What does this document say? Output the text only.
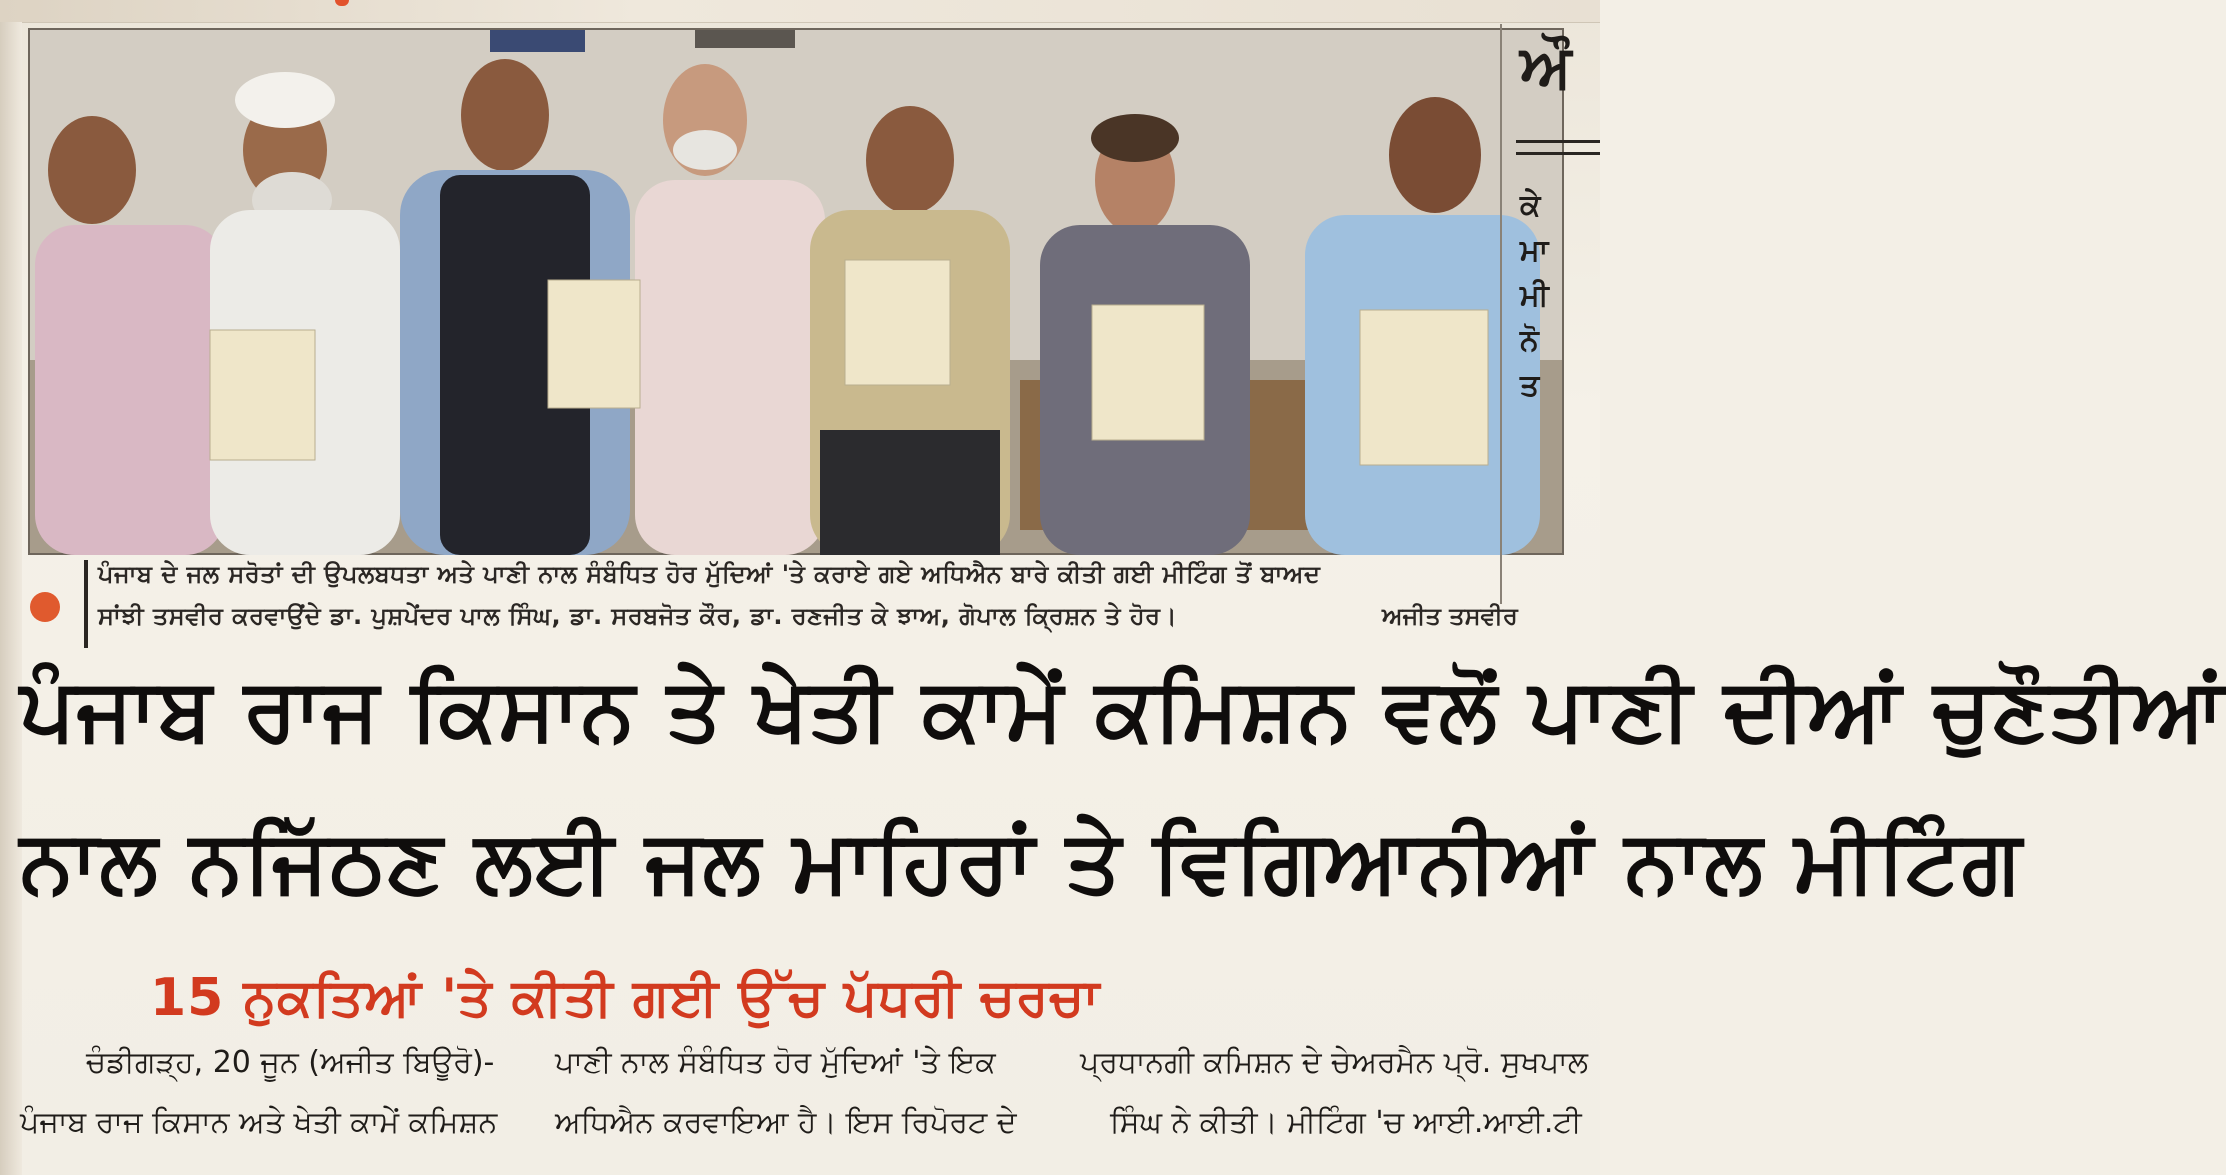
ਪੰਜਾਬ ਦੇ ਜਲ ਸਰੋਤਾਂ ਦੀ ਉਪਲਬਧਤਾ ਅਤੇ ਪਾਣੀ ਨਾਲ ਸੰਬੰਧਿਤ ਹੋਰ ਮੁੱਦਿਆਂ 'ਤੇ ਕਰਾਏ ਗਏ ਅਧਿਐਨ ਬਾਰੇ ਕੀਤੀ ਗਈ ਮੀਟਿੰਗ ਤੋਂ ਬਾਅਦ
ਸਾਂਝੀ ਤਸਵੀਰ ਕਰਵਾਉਂਦੇ ਡਾ. ਪੁਸ਼ਪੇਂਦਰ ਪਾਲ ਸਿੰਘ, ਡਾ. ਸਰਬਜੋਤ ਕੌਰ, ਡਾ. ਰਣਜੀਤ ਕੇ ਝਾਅ, ਗੋਪਾਲ ਕ੍ਰਿਸ਼ਨ ਤੇ ਹੋਰ।	ਅਜੀਤ ਤਸਵੀਰ
ਪੰਜਾਬ ਰਾਜ ਕਿਸਾਨ ਤੇ ਖੇਤੀ ਕਾਮੇਂ ਕਮਿਸ਼ਨ ਵਲੋਂ ਪਾਣੀ ਦੀਆਂ ਚੁਣੌਤੀਆਂ
ਨਾਲ ਨਜਿੱਠਣ ਲਈ ਜਲ ਮਾਹਿਰਾਂ ਤੇ ਵਿਗਿਆਨੀਆਂ ਨਾਲ ਮੀਟਿੰਗ
15 ਨੁਕਤਿਆਂ 'ਤੇ ਕੀਤੀ ਗਈ ਉੱਚ ਪੱਧਰੀ ਚਰਚਾ
ਚੰਡੀਗੜ੍ਹ, 20 ਜੂਨ (ਅਜੀਤ ਬਿਊਰੋ)-
ਪੰਜਾਬ ਰਾਜ ਕਿਸਾਨ ਅਤੇ ਖੇਤੀ ਕਾਮੇਂ ਕਮਿਸ਼ਨ
ਪਾਣੀ ਨਾਲ ਸੰਬੰਧਿਤ ਹੋਰ ਮੁੱਦਿਆਂ 'ਤੇ ਇਕ
ਅਧਿਐਨ ਕਰਵਾਇਆ ਹੈ। ਇਸ ਰਿਪੋਰਟ ਦੇ
ਪ੍ਰਧਾਨਗੀ ਕਮਿਸ਼ਨ ਦੇ ਚੇਅਰਮੈਨ ਪ੍ਰੋ. ਸੁਖਪਾਲ
ਸਿੰਘ ਨੇ ਕੀਤੀ। ਮੀਟਿੰਗ 'ਚ ਆਈ.ਆਈ.ਟੀ
ਔ
ਕੇ
ਮਾ
ਮੀ
ਨੋ
ਤ
